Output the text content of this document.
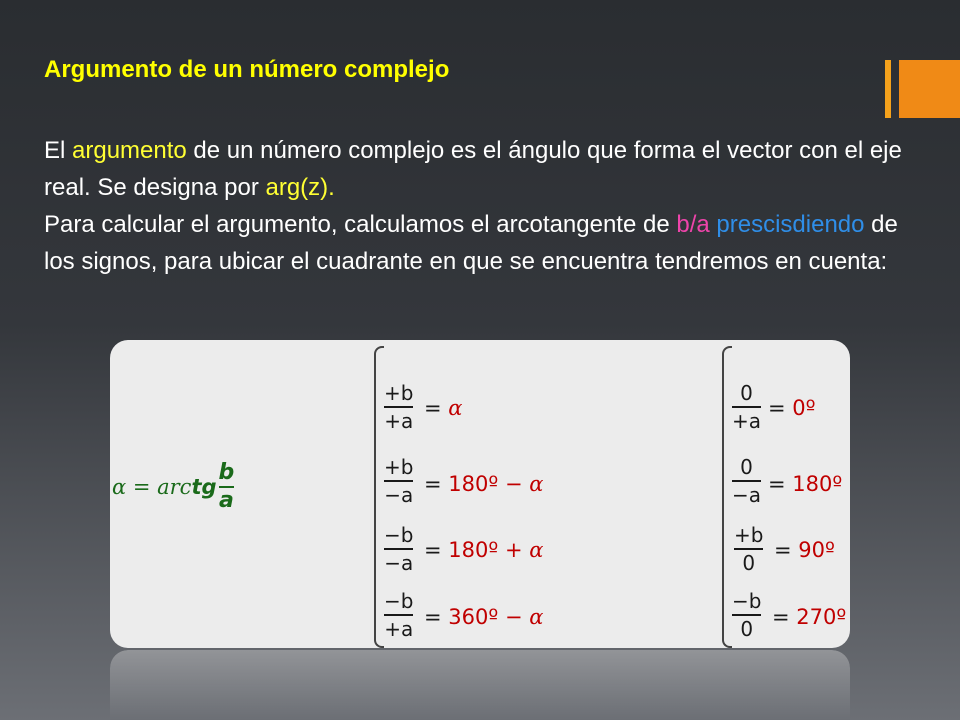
Argumento de un número complejo
El argumento de un número complejo es el ángulo que forma el vector con el eje real. Se designa por arg(z).
Para calcular el argumento, calculamos el arcotangente de b/a prescisdiendo de los signos, para ubicar el cuadrante en que se encuentra tendremos en cuenta:
α = arc tg $\frac{b}{a}$
+b
+a
= α
+b
−a = 180º − α
−b
−a
= 180º + α
−b
+a = 360º − α
0
+a
= 0º
0
−a = 180º
+b
0
= 90º
−b
0 = 270º
